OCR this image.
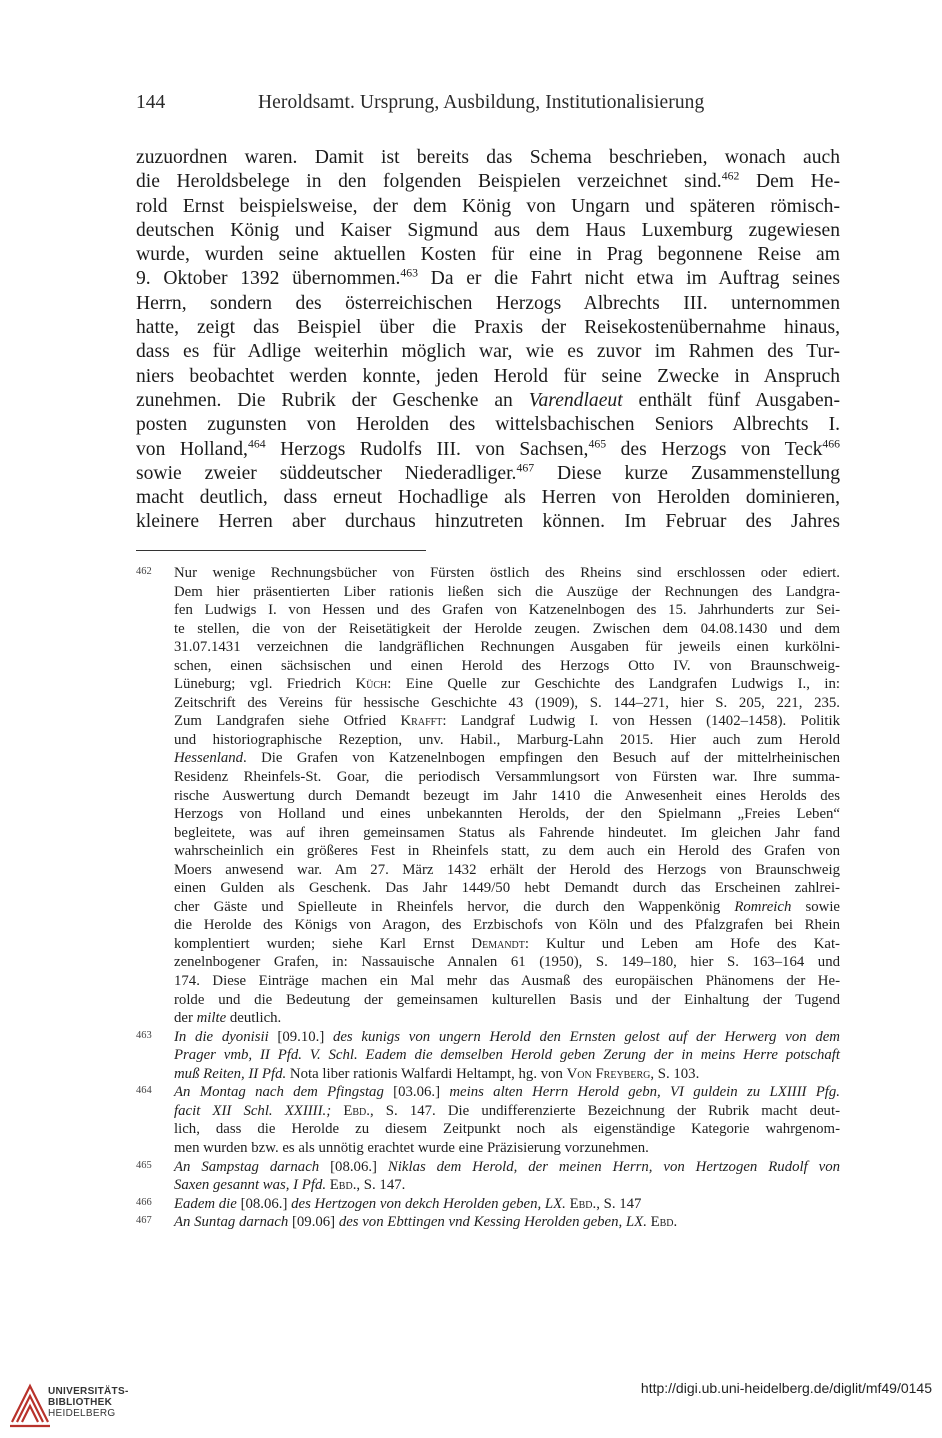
144	Heroldsamt. Ursprung, Ausbildung, Institutionalisierung
zuzuordnen waren. Damit ist bereits das Schema beschrieben, wonach auch
die Heroldsbelege in den folgenden Beispielen verzeichnet sind.$^{462}$ Dem He-
rold Ernst beispielsweise, der dem König von Ungarn und späteren römisch-
deutschen König und Kaiser Sigmund aus dem Haus Luxemburg zugewiesen
wurde, wurden seine aktuellen Kosten für eine in Prag begonnene Reise am
9. Oktober 1392 übernommen.$^{463}$ Da er die Fahrt nicht etwa im Auftrag seines
Herrn, sondern des österreichischen Herzogs Albrechts III. unternommen
hatte, zeigt das Beispiel über die Praxis der Reisekostenübernahme hinaus,
dass es für Adlige weiterhin möglich war, wie es zuvor im Rahmen des Tur-
niers beobachtet werden konnte, jeden Herold für seine Zwecke in Anspruch
zunehmen. Die Rubrik der Geschenke an Varendlaeut enthält fünf Ausgaben-
posten zugunsten von Herolden des wittelsbachischen Seniors Albrechts I.
von Holland,$^{464}$ Herzogs Rudolfs III. von Sachsen,$^{465}$ des Herzogs von Teck$^{466}$
sowie zweier süddeutscher Niederadliger.$^{467}$ Diese kurze Zusammenstellung
macht deutlich, dass erneut Hochadlige als Herren von Herolden dominieren,
kleinere Herren aber durchaus hinzutreten können. Im Februar des Jahres
462 Nur wenige Rechnungsbücher von Fürsten östlich des Rheins sind erschlossen oder ediert.
Dem hier präsentierten Liber rationis ließen sich die Auszüge der Rechnungen des Landgra-
fen Ludwigs I. von Hessen und des Grafen von Katzenelnbogen des 15. Jahrhunderts zur Sei-
te stellen, die von der Reisetätigkeit der Herolde zeugen. Zwischen dem 04.08.1430 und dem
31.07.1431 verzeichnen die landgräflichen Rechnungen Ausgaben für jeweils einen kurkölni-
schen, einen sächsischen und einen Herold des Herzogs Otto IV. von Braunschweig-
Lüneburg; vgl. Friedrich Küch: Eine Quelle zur Geschichte des Landgrafen Ludwigs I., in:
Zeitschrift des Vereins für hessische Geschichte 43 (1909), S. 144–271, hier S. 205, 221, 235.
Zum Landgrafen siehe Otfried Krafft: Landgraf Ludwig I. von Hessen (1402–1458). Politik
und historiographische Rezeption, unv. Habil., Marburg-Lahn 2015. Hier auch zum Herold
Hessenland. Die Grafen von Katzenelnbogen empfingen den Besuch auf der mittelrheinischen
Residenz Rheinfels-St. Goar, die periodisch Versammlungsort von Fürsten war. Ihre summa-
rische Auswertung durch Demandt bezeugt im Jahr 1410 die Anwesenheit eines Herolds des
Herzogs von Holland und eines unbekannten Herolds, der den Spielmann „Freies Leben“
begleitete, was auf ihren gemeinsamen Status als Fahrende hindeutet. Im gleichen Jahr fand
wahrscheinlich ein größeres Fest in Rheinfels statt, zu dem auch ein Herold des Grafen von
Moers anwesend war. Am 27. März 1432 erhält der Herold des Herzogs von Braunschweig
einen Gulden als Geschenk. Das Jahr 1449/50 hebt Demandt durch das Erscheinen zahlrei-
cher Gäste und Spielleute in Rheinfels hervor, die durch den Wappenkönig Romreich sowie
die Herolde des Königs von Aragon, des Erzbischofs von Köln und des Pfalzgrafen bei Rhein
komplentiert wurden; siehe Karl Ernst Demandt: Kultur und Leben am Hofe des Kat-
zenelnbogener Grafen, in: Nassauische Annalen 61 (1950), S. 149–180, hier S. 163–164 und
174. Diese Einträge machen ein Mal mehr das Ausmaß des europäischen Phänomens der He-
rolde und die Bedeutung der gemeinsamen kulturellen Basis und der Einhaltung der Tugend
der milte deutlich.
463 In die dyonisii [09.10.] des kunigs von ungern Herold den Ernsten gelost auf der Herwerg von dem
Prager vmb, II Pfd. V. Schl. Eadem die demselben Herold geben Zerung der in meins Herre potschaft
muß Reiten, II Pfd. Nota liber rationis Walfardi Heltampt, hg. von Von Freyberg, S. 103.
464 An Montag nach dem Pfingstag [03.06.] meins alten Herrn Herold gebn, VI guldein zu LXIIII Pfg.
facit XII Schl. XXIIII.; Ebd., S. 147. Die undifferenzierte Bezeichnung der Rubrik macht deut-
lich, dass die Herolde zu diesem Zeitpunkt noch als eigenständige Kategorie wahrgenom-
men wurden bzw. es als unnötig erachtet wurde eine Präzisierung vorzunehmen.
465 An Sampstag darnach [08.06.] Niklas dem Herold, der meinen Herrn, von Hertzogen Rudolf von
Saxen gesannt was, I Pfd. Ebd., S. 147.
466 Eadem die [08.06.] des Hertzogen von dekch Herolden geben, LX. Ebd., S. 147
467 An Suntag darnach [09.06] des von Ebttingen vnd Kessing Herolden geben, LX. Ebd.
UNIVERSITÄTS-
BIBLIOTHEK
HEIDELBERG
http://digi.ub.uni-heidelberg.de/diglit/mf49/0145
